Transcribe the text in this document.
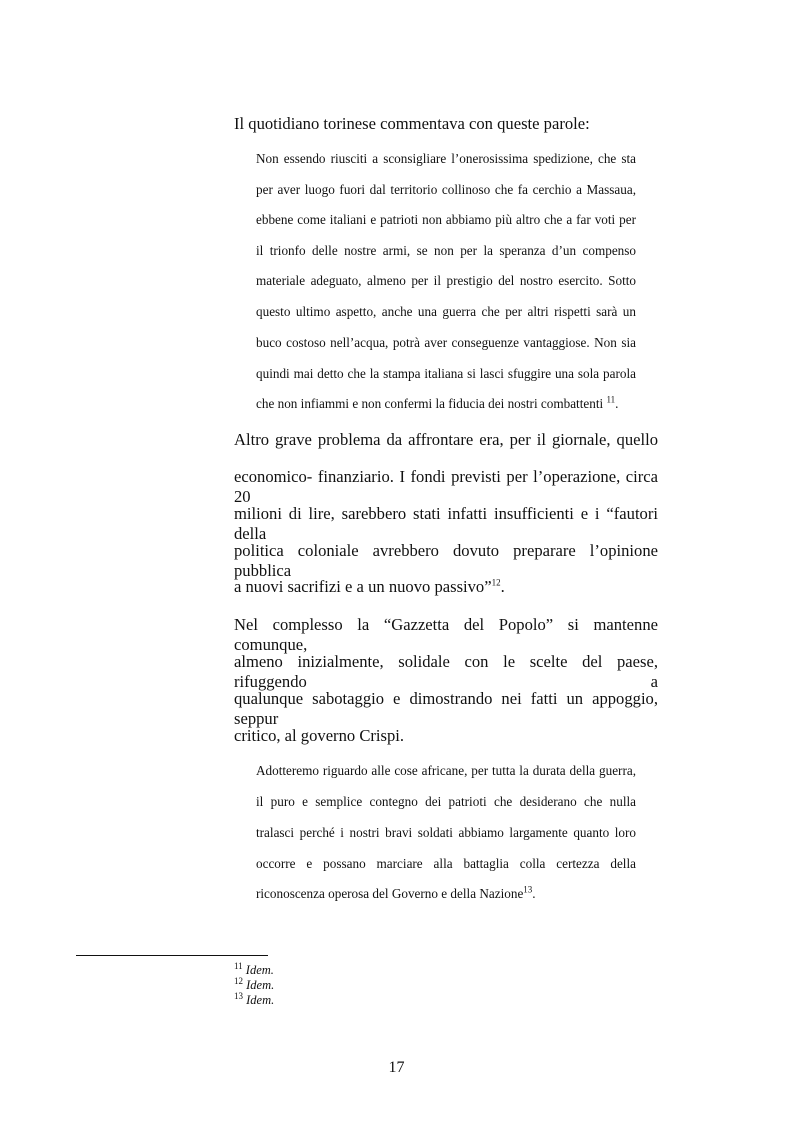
Il quotidiano torinese commentava con queste parole:
Non essendo riusciti a sconsigliare l’onerosissima spedizione, che sta
per aver luogo fuori dal territorio collinoso che fa cerchio a Massaua,
ebbene come italiani e patrioti non abbiamo più altro che a far voti per
il trionfo delle nostre armi, se non per la speranza d’un compenso
materiale adeguato, almeno per il prestigio del nostro esercito. Sotto
questo ultimo aspetto, anche una guerra che per altri rispetti sarà un
buco costoso nell’acqua, potrà aver conseguenze vantaggiose. Non sia
quindi mai detto che la stampa italiana si lasci sfuggire una sola parola
che non infiammi e non confermi la fiducia dei nostri combattenti $^{11}$.
Altro grave problema da affrontare era, per il giornale, quello
economico- finanziario. I fondi previsti per l’operazione, circa 20
milioni di lire, sarebbero stati infatti insufficienti e i “fautori della
politica coloniale avrebbero dovuto preparare l’opinione pubblica
a nuovi sacrifizi e a un nuovo passivo”$^{12}$.
Nel complesso la “Gazzetta del Popolo” si mantenne comunque,
almeno inizialmente, solidale con le scelte del paese, rifuggendo a
qualunque sabotaggio e dimostrando nei fatti un appoggio, seppur
critico, al governo Crispi.
Adotteremo riguardo alle cose africane, per tutta la durata della guerra,
il puro e semplice contegno dei patrioti che desiderano che nulla
tralasci perché i nostri bravi soldati abbiamo largamente quanto loro
occorre e possano marciare alla battaglia colla certezza della
riconoscenza operosa del Governo e della Nazione$^{13}$.
$^{11}$ Idem.
$^{12}$ Idem.
$^{13}$ Idem.
17
